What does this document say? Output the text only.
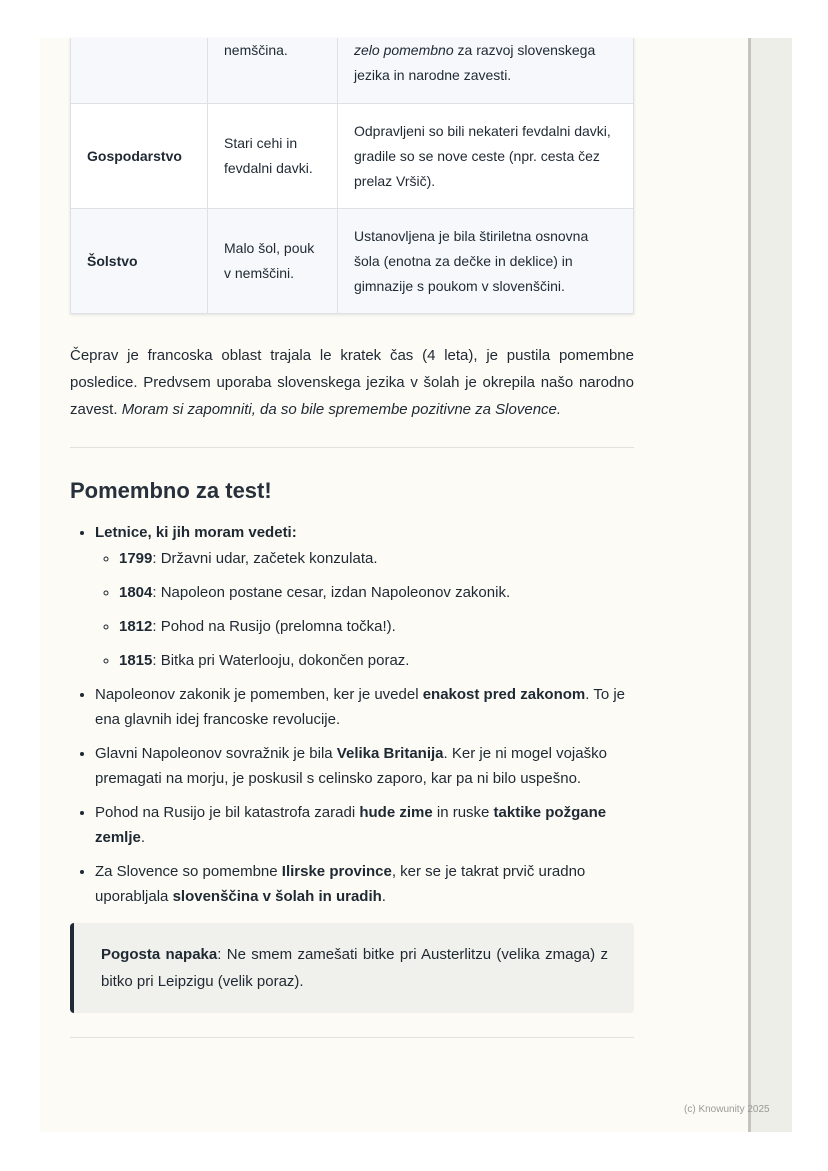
	nemščina.	zelo pomembno za razvoj slovenskega jezika in narodne zavesti.
Gospodarstvo	Stari cehi in fevdalni davki.	Odpravljeni so bili nekateri fevdalni davki, gradile so se nove ceste (npr. cesta čez prelaz Vršič).
Šolstvo	Malo šol, pouk v nemščini.	Ustanovljena je bila štiriletna osnovna šola (enotna za dečke in deklice) in gimnazije s poukom v slovenščini.

Čeprav je francoska oblast trajala le kratek čas (4 leta), je pustila pomembne posledice. Predvsem uporaba slovenskega jezika v šolah je okrepila našo narodno zavest. Moram si zapomniti, da so bile spremembe pozitivne za Slovence.

Pomembno za test!
• Letnice, ki jih moram vedeti:
◦ 1799: Državni udar, začetek konzulata.
◦ 1804: Napoleon postane cesar, izdan Napoleonov zakonik.
◦ 1812: Pohod na Rusijo (prelomna točka!).
◦ 1815: Bitka pri Waterlooju, dokončen poraz.
• Napoleonov zakonik je pomemben, ker je uvedel enakost pred zakonom. To je ena glavnih idej francoske revolucije.
• Glavni Napoleonov sovražnik je bila Velika Britanija. Ker je ni mogel vojaško premagati na morju, je poskusil s celinsko zaporo, kar pa ni bilo uspešno.
• Pohod na Rusijo je bil katastrofa zaradi hude zime in ruske taktike požgane zemlje.
• Za Slovence so pomembne Ilirske province, ker se je takrat prvič uradno uporabljala slovenščina v šolah in uradih.
Pogosta napaka: Ne smem zamešati bitke pri Austerlitzu (velika zmaga) z bitko pri Leipzigu (velik poraz).
(c) Knowunity 2025
